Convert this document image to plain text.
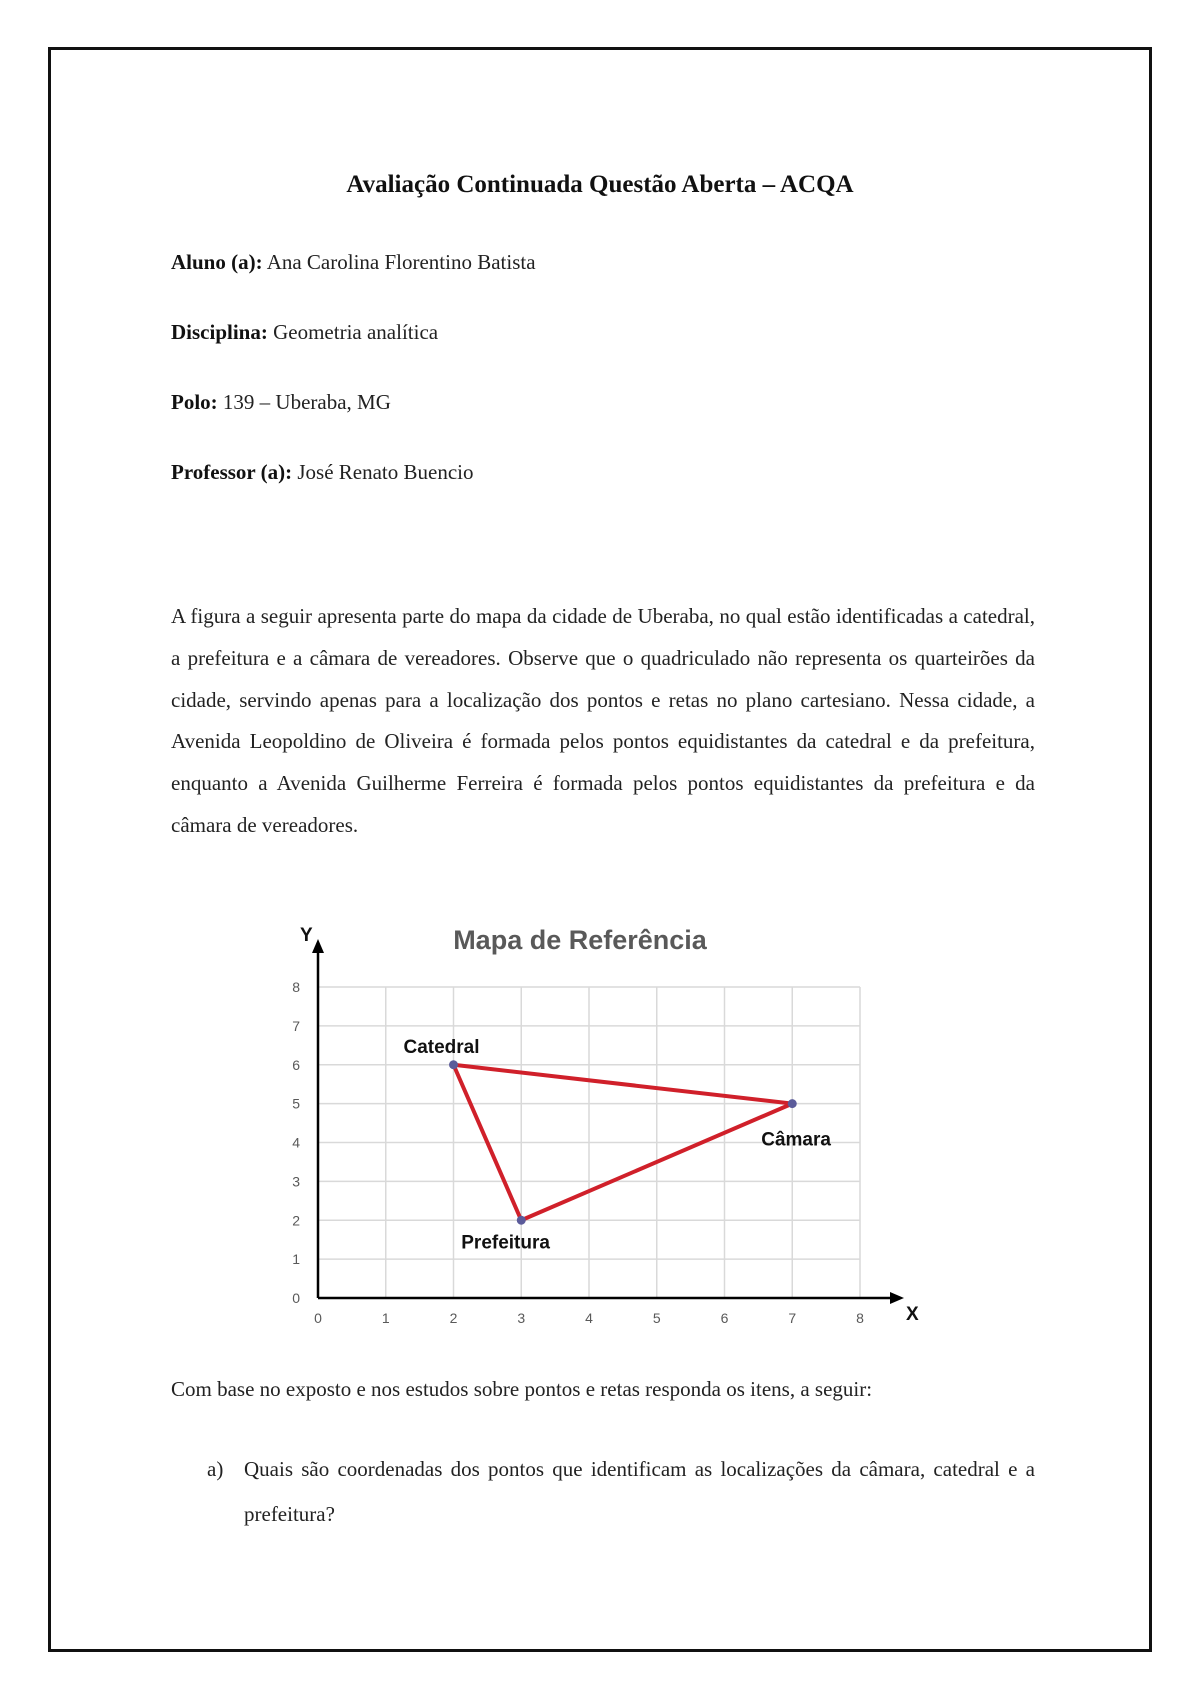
Avaliação Continuada Questão Aberta – ACQA
Aluno (a): Ana Carolina Florentino Batista
Disciplina: Geometria analítica
Polo: 139 – Uberaba, MG
Professor (a): José Renato Buencio
A figura a seguir apresenta parte do mapa da cidade de Uberaba, no qual estão identificadas a catedral, a prefeitura e a câmara de vereadores. Observe que o quadriculado não representa os quarteirões da cidade, servindo apenas para a localização dos pontos e retas no plano cartesiano. Nessa cidade, a Avenida Leopoldino de Oliveira é formada pelos pontos equidistantes da catedral e da prefeitura, enquanto a Avenida Guilherme Ferreira é formada pelos pontos equidistantes da prefeitura e da câmara de vereadores.
Mapa de Referência
0	1	2	3	4	5	6	7	8
0
1
2
3
4
5
6
7
8
Catedral
Câmara
Prefeitura
Y
X
Com base no exposto e nos estudos sobre pontos e retas responda os itens, a seguir:
a) Quais são coordenadas dos pontos que identificam as localizações da câmara, catedral e a prefeitura?
